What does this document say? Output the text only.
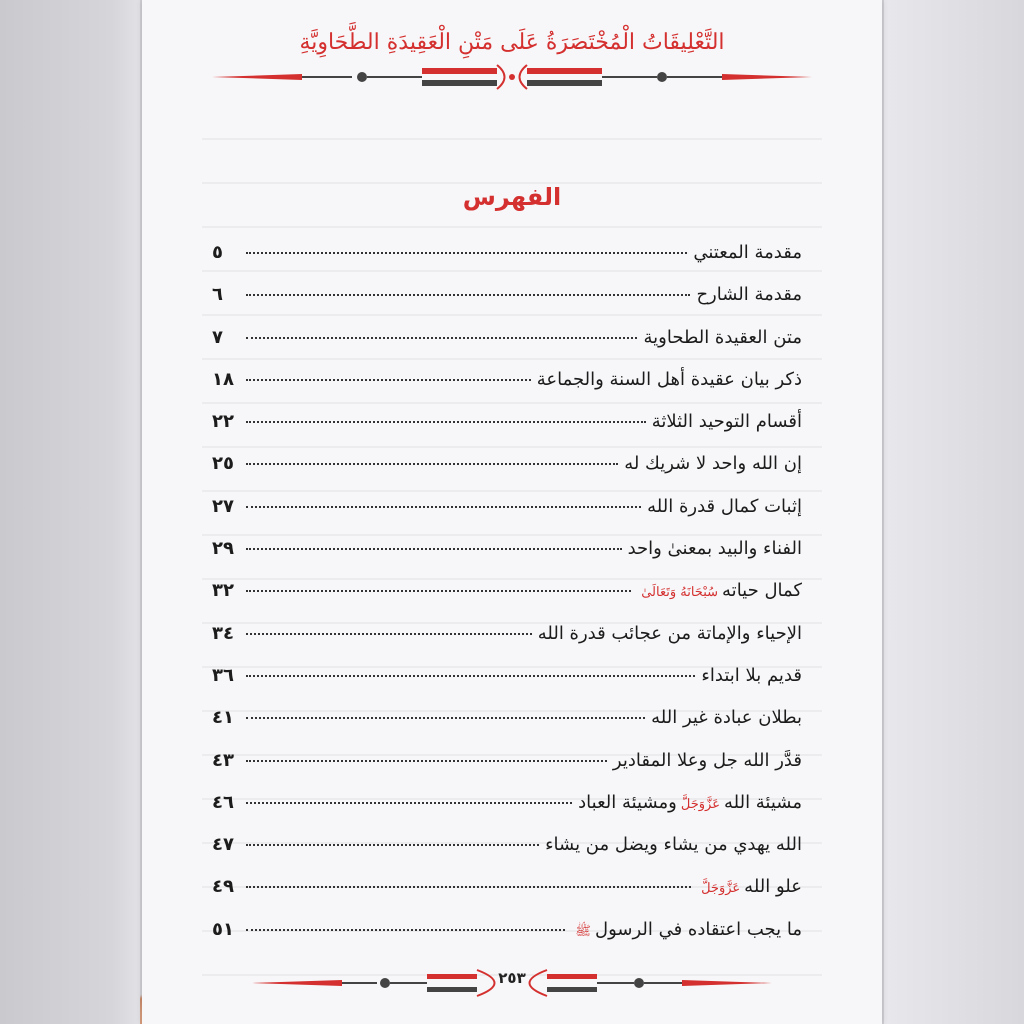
التَّعْلِيقَاتُ الْمُخْتَصَرَةُ عَلَى مَتْنِ الْعَقِيدَةِ الطَّحَاوِيَّةِ
الفهرس
مقدمة المعتني
٥
مقدمة الشارح
٦
متن العقيدة الطحاوية
٧
ذكر بيان عقيدة أهل السنة والجماعة
١٨
أقسام التوحيد الثلاثة
٢٢
إن الله واحد لا شريك له
٢٥
إثبات كمال قدرة الله
٢٧
الفناء والبيد بمعنىٰ واحد
٢٩
كمال حياته
سُبْحَانَهُ وَتَعَالَىٰ
٣٢
الإحياء والإماتة من عجائب قدرة الله
٣٤
قديم بلا ابتداء
٣٦
بطلان عبادة غير الله
٤١
قدَّر الله جل وعلا المقادير
٤٣
مشيئة الله
عَزَّوَجَلَّ
ومشيئة العباد
٤٦
الله يهدي من يشاء ويضل من يشاء
٤٧
علو الله
عَزَّوَجَلَّ
٤٩
ما يجب اعتقاده في الرسول
ﷺ
٥١
٢٥٣
